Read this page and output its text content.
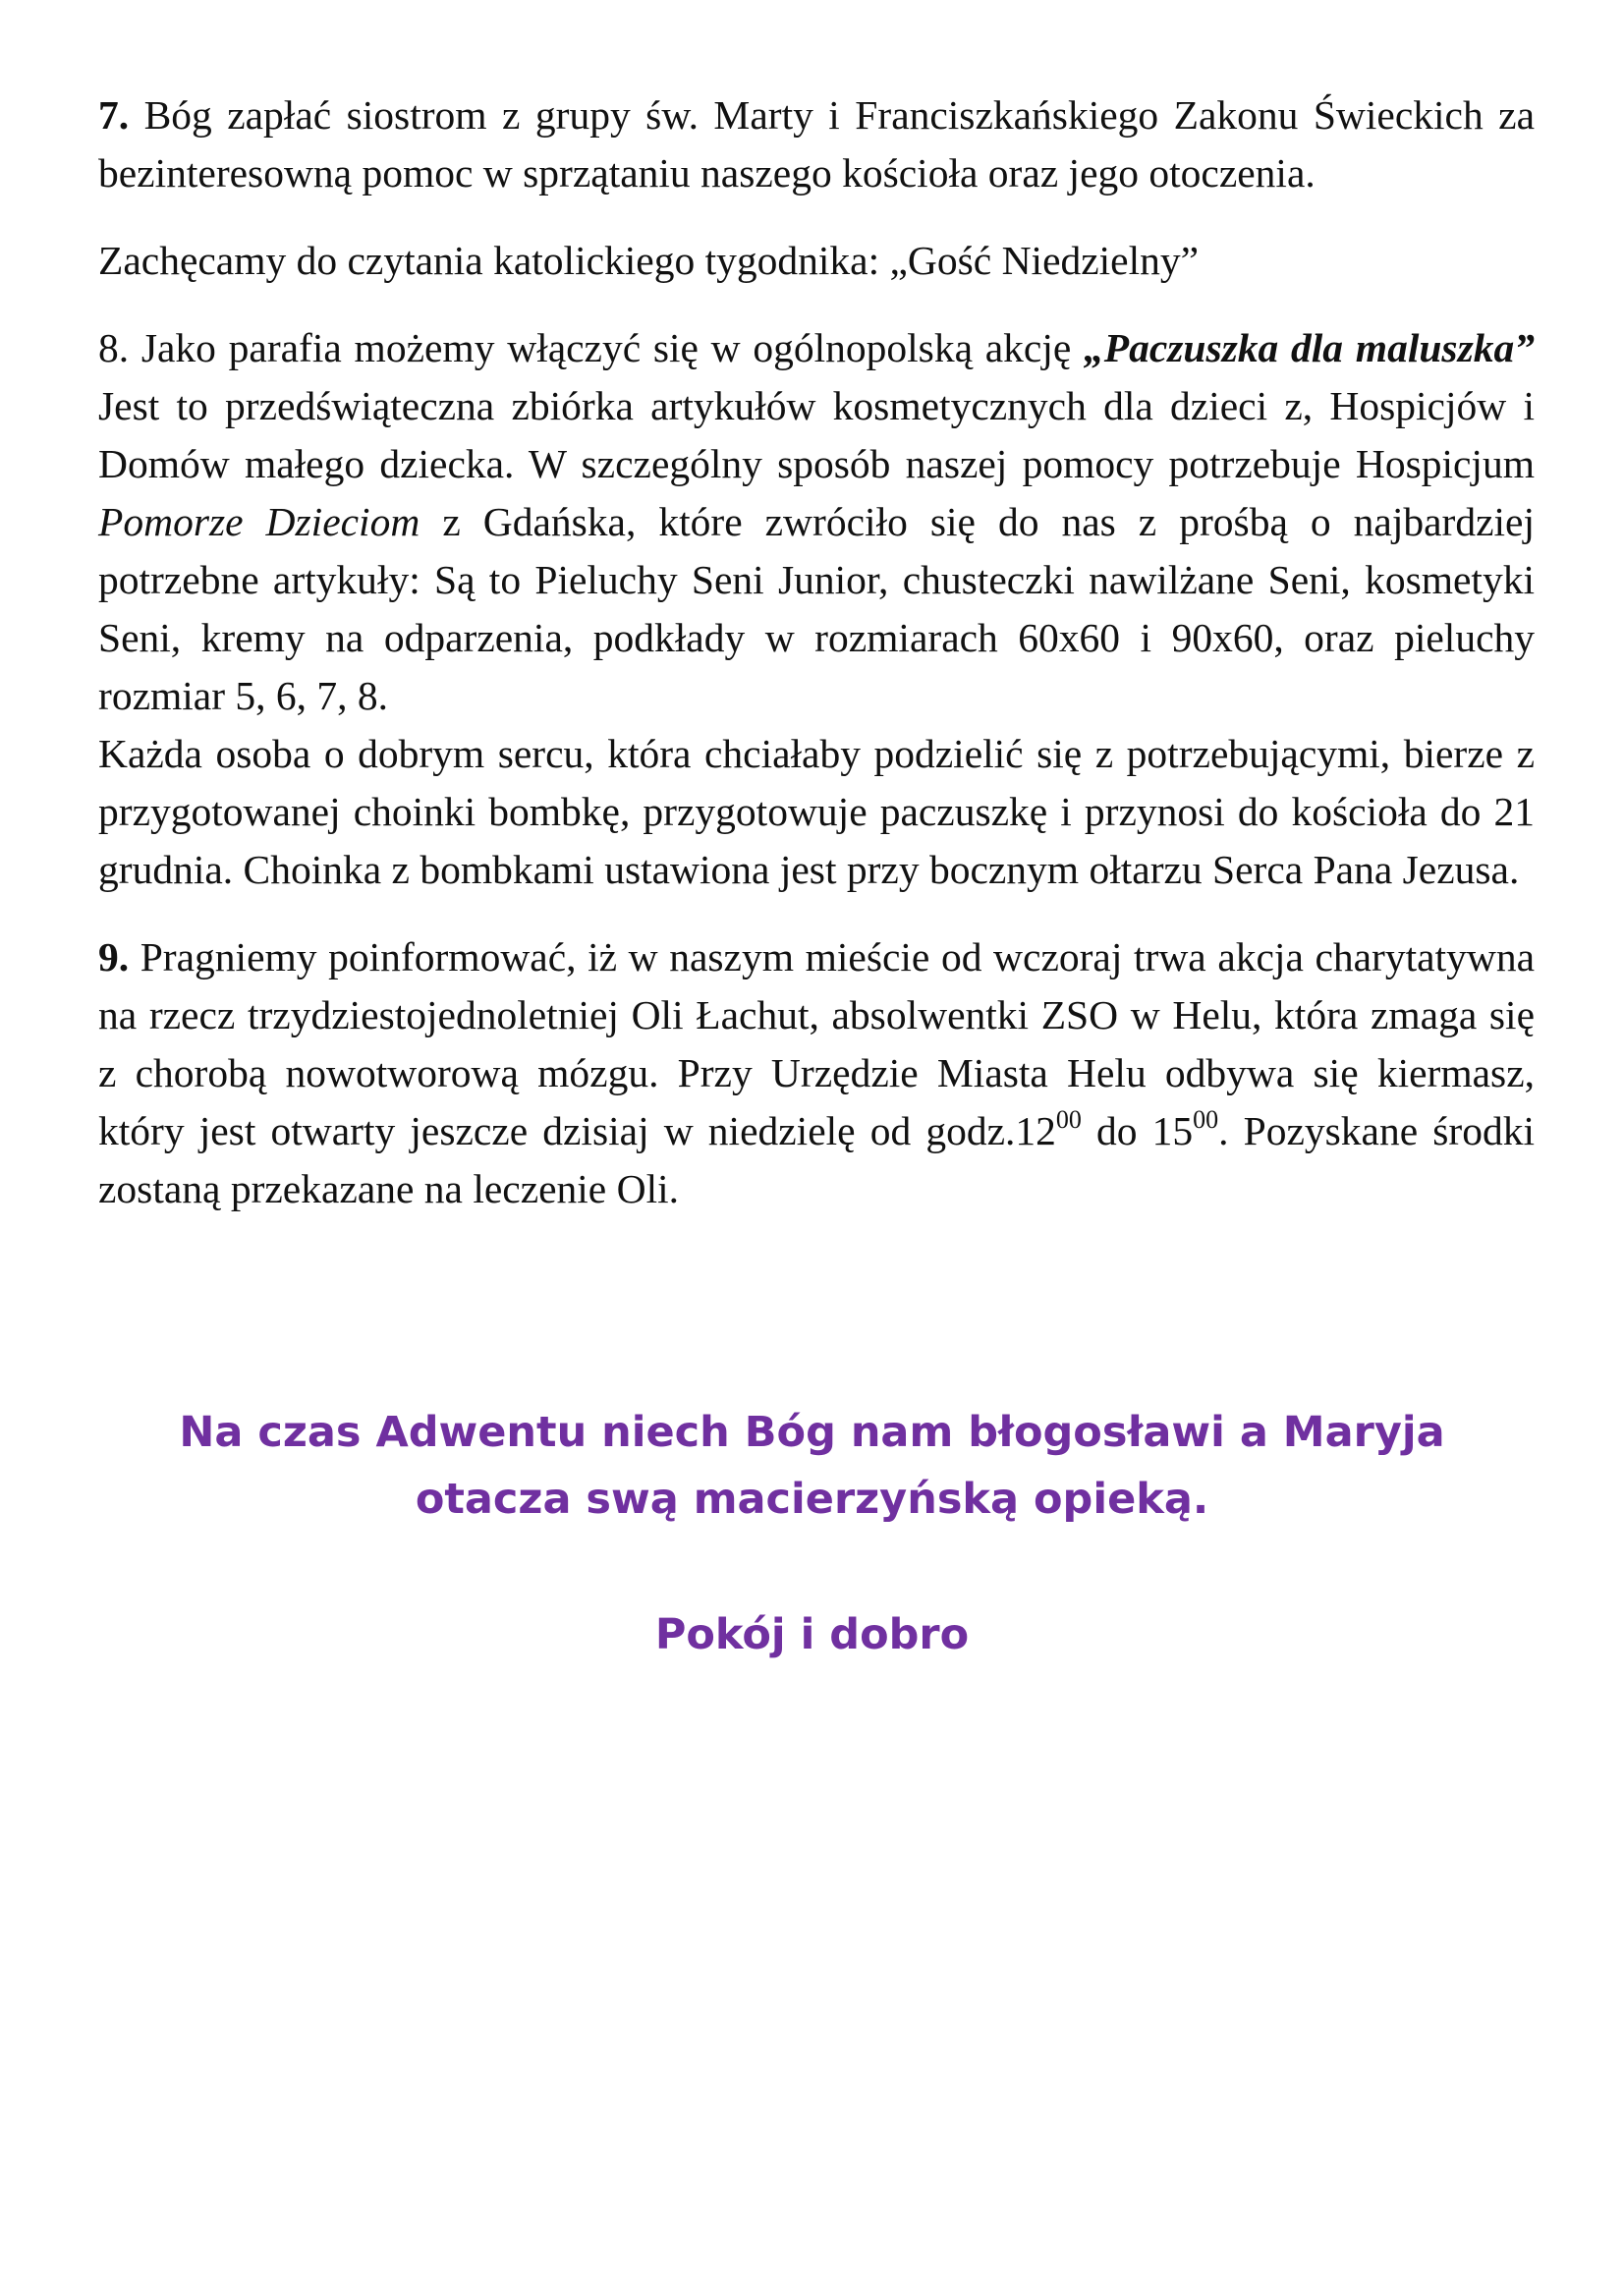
7. Bóg zapłać siostrom z grupy św. Marty i Franciszkańskiego Zakonu Świeckich za bezinteresowną pomoc w sprzątaniu naszego kościoła oraz jego otoczenia.

Zachęcamy do czytania katolickiego tygodnika: „Gość Niedzielny”

8. Jako parafia możemy włączyć się w ogólnopolską akcję „Paczuszka dla maluszka” Jest to przedświąteczna zbiórka artykułów kosmetycznych dla dzieci z, Hospicjów i Domów małego dziecka. W szczególny sposób naszej pomocy potrzebuje Hospicjum Pomorze Dzieciom z Gdańska, które zwróciło się do nas z prośbą o najbardziej potrzebne artykuły: Są to Pieluchy Seni Junior, chusteczki nawilżane Seni, kosmetyki Seni, kremy na odparzenia, podkłady w rozmiarach 60x60 i 90x60, oraz pieluchy rozmiar 5, 6, 7, 8.

Każda osoba o dobrym sercu, która chciałaby podzielić się z potrzebującymi, bierze z przygotowanej choinki bombkę, przygotowuje paczuszkę i przynosi do kościoła do 21 grudnia. Choinka z bombkami ustawiona jest przy bocznym ołtarzu Serca Pana Jezusa.

9. Pragniemy poinformować, iż w naszym mieście od wczoraj trwa akcja charytatywna na rzecz trzydziestojednoletniej Oli Łachut, absolwentki ZSO w Helu, która zmaga się z chorobą nowotworową mózgu. Przy Urzędzie Miasta Helu odbywa się kiermasz, który jest otwarty jeszcze dzisiaj w niedzielę od $godz.12^{00}$ do $15^{00}$. Pozyskane środki zostaną przekazane na leczenie Oli.

Na czas Adwentu niech Bóg nam błogosławi a Maryja
otacza swą macierzyńską opieką.
Pokój i dobro
